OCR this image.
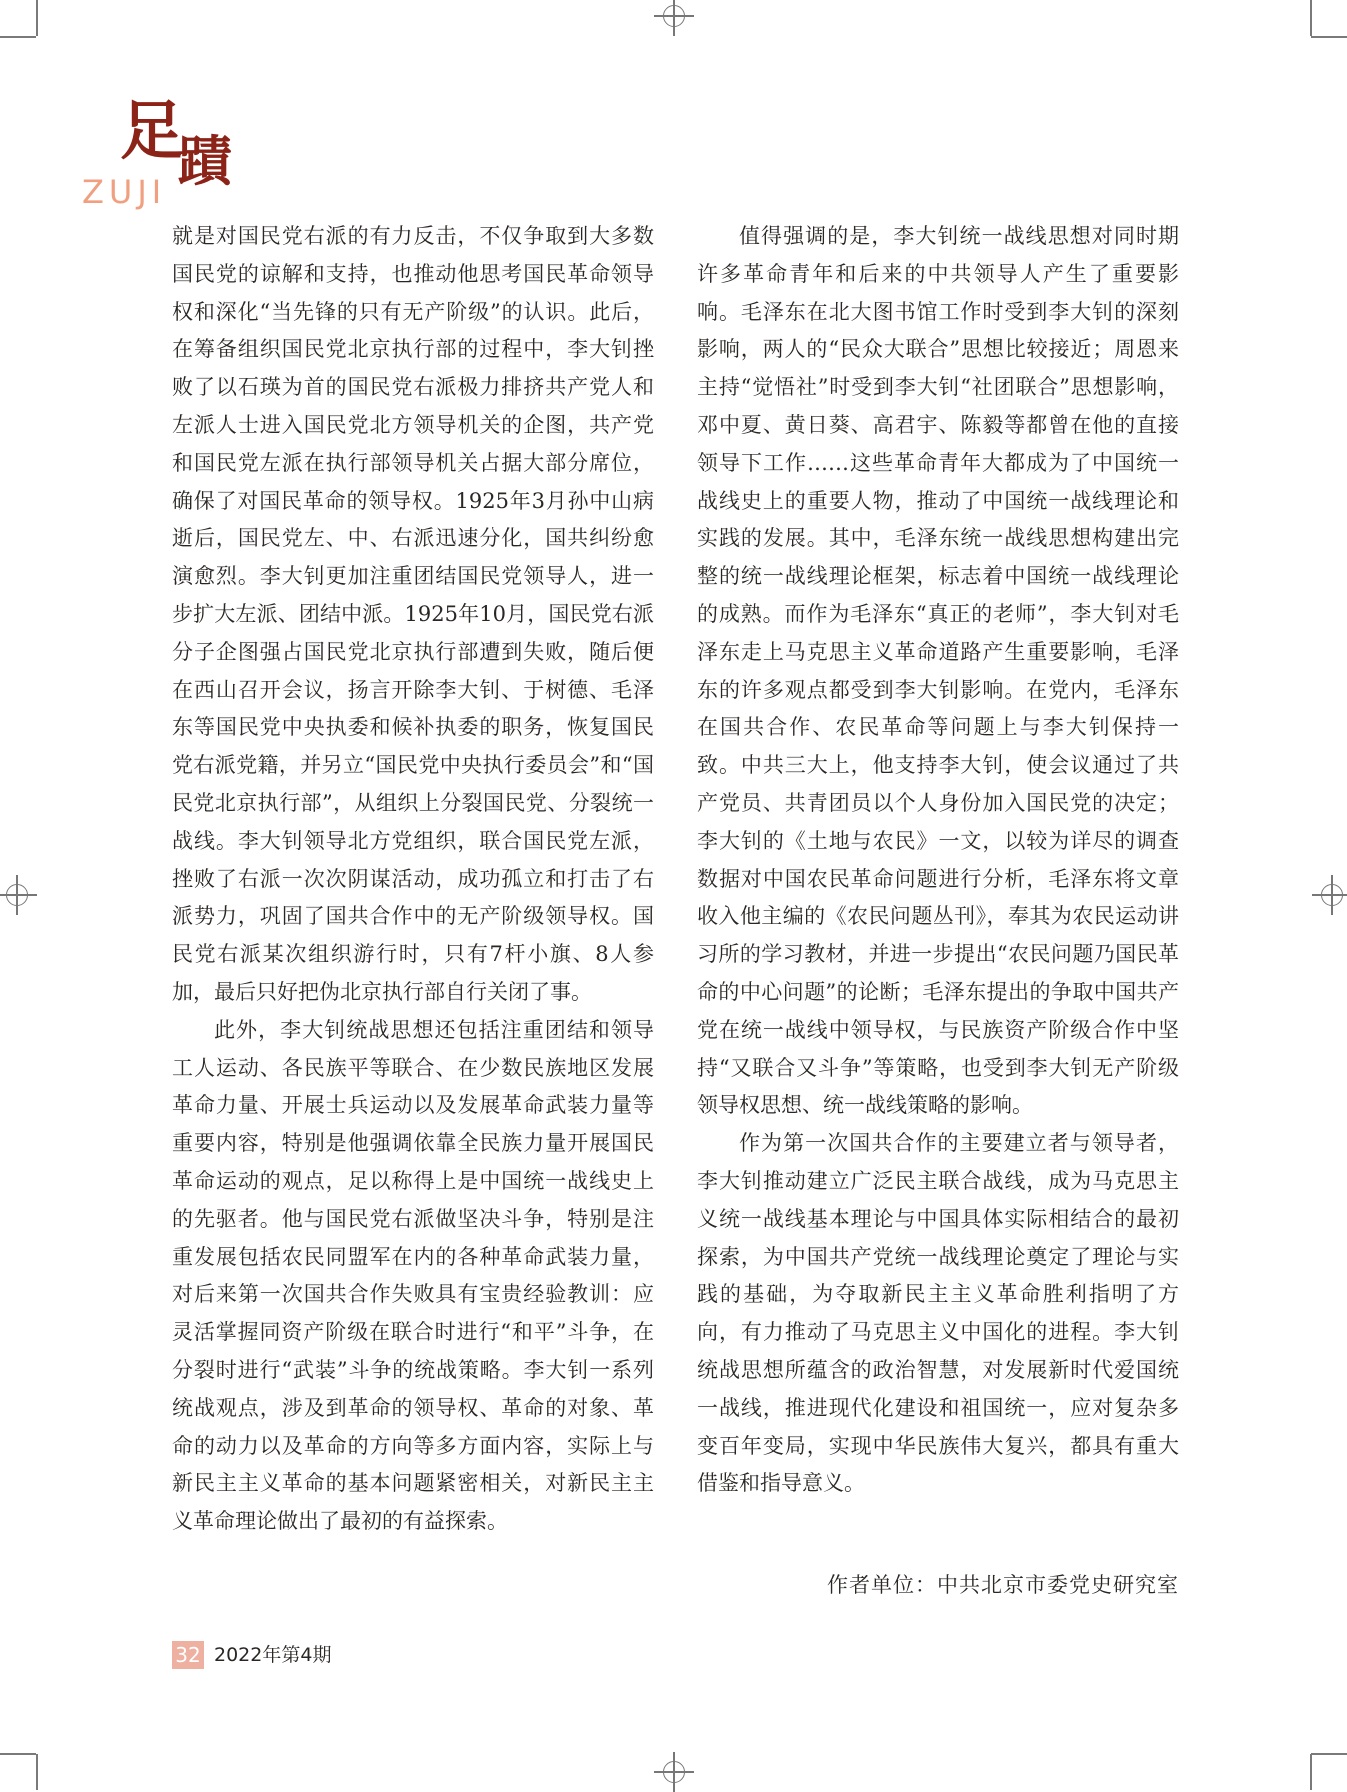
足
蹟
ZUJI

就是对国民党右派的有力反击，不仅争取到大多数国民党的谅解和支持，也推动他思考国民革命领导权和深化“当先锋的只有无产阶级”的认识。此后，在筹备组织国民党北京执行部的过程中，李大钊挫败了以石瑛为首的国民党右派极力排挤共产党人和左派人士进入国民党北方领导机关的企图，共产党和国民党左派在执行部领导机关占据大部分席位，确保了对国民革命的领导权。1925年3月孙中山病逝后，国民党左、中、右派迅速分化，国共纠纷愈演愈烈。李大钊更加注重团结国民党领导人，进一步扩大左派、团结中派。1925年10月，国民党右派分子企图强占国民党北京执行部遭到失败，随后便在西山召开会议，扬言开除李大钊、于树德、毛泽东等国民党中央执委和候补执委的职务，恢复国民党右派党籍，并另立“国民党中央执行委员会”和“国民党北京执行部”，从组织上分裂国民党、分裂统一战线。李大钊领导北方党组织，联合国民党左派，挫败了右派一次次阴谋活动，成功孤立和打击了右派势力，巩固了国共合作中的无产阶级领导权。国民党右派某次组织游行时，只有7杆小旗、8人参加，最后只好把伪北京执行部自行关闭了事。

此外，李大钊统战思想还包括注重团结和领导工人运动、各民族平等联合、在少数民族地区发展革命力量、开展士兵运动以及发展革命武装力量等重要内容，特别是他强调依靠全民族力量开展国民革命运动的观点，足以称得上是中国统一战线史上的先驱者。他与国民党右派做坚决斗争，特别是注重发展包括农民同盟军在内的各种革命武装力量，对后来第一次国共合作失败具有宝贵经验教训：应灵活掌握同资产阶级在联合时进行“和平”斗争，在分裂时进行“武装”斗争的统战策略。李大钊一系列统战观点，涉及到革命的领导权、革命的对象、革命的动力以及革命的方向等多方面内容，实际上与新民主主义革命的基本问题紧密相关，对新民主主义革命理论做出了最初的有益探索。

值得强调的是，李大钊统一战线思想对同时期许多革命青年和后来的中共领导人产生了重要影响。毛泽东在北大图书馆工作时受到李大钊的深刻影响，两人的“民众大联合”思想比较接近；周恩来主持“觉悟社”时受到李大钊“社团联合”思想影响，邓中夏、黄日葵、高君宇、陈毅等都曾在他的直接领导下工作……这些革命青年大都成为了中国统一战线史上的重要人物，推动了中国统一战线理论和实践的发展。其中，毛泽东统一战线思想构建出完整的统一战线理论框架，标志着中国统一战线理论的成熟。而作为毛泽东“真正的老师”，李大钊对毛泽东走上马克思主义革命道路产生重要影响，毛泽东的许多观点都受到李大钊影响。在党内，毛泽东在国共合作、农民革命等问题上与李大钊保持一致。中共三大上，他支持李大钊，使会议通过了共产党员、共青团员以个人身份加入国民党的决定；李大钊的《土地与农民》一文，以较为详尽的调查数据对中国农民革命问题进行分析，毛泽东将文章收入他主编的《农民问题丛刊》，奉其为农民运动讲习所的学习教材，并进一步提出“农民问题乃国民革命的中心问题”的论断；毛泽东提出的争取中国共产党在统一战线中领导权，与民族资产阶级合作中坚持“又联合又斗争”等策略，也受到李大钊无产阶级领导权思想、统一战线策略的影响。

作为第一次国共合作的主要建立者与领导者，李大钊推动建立广泛民主联合战线，成为马克思主义统一战线基本理论与中国具体实际相结合的最初探索，为中国共产党统一战线理论奠定了理论与实践的基础，为夺取新民主主义革命胜利指明了方向，有力推动了马克思主义中国化的进程。李大钊统战思想所蕴含的政治智慧，对发展新时代爱国统一战线，推进现代化建设和祖国统一，应对复杂多变百年变局，实现中华民族伟大复兴，都具有重大借鉴和指导意义。

作者单位：中共北京市委党史研究室
32 2022年第4期
